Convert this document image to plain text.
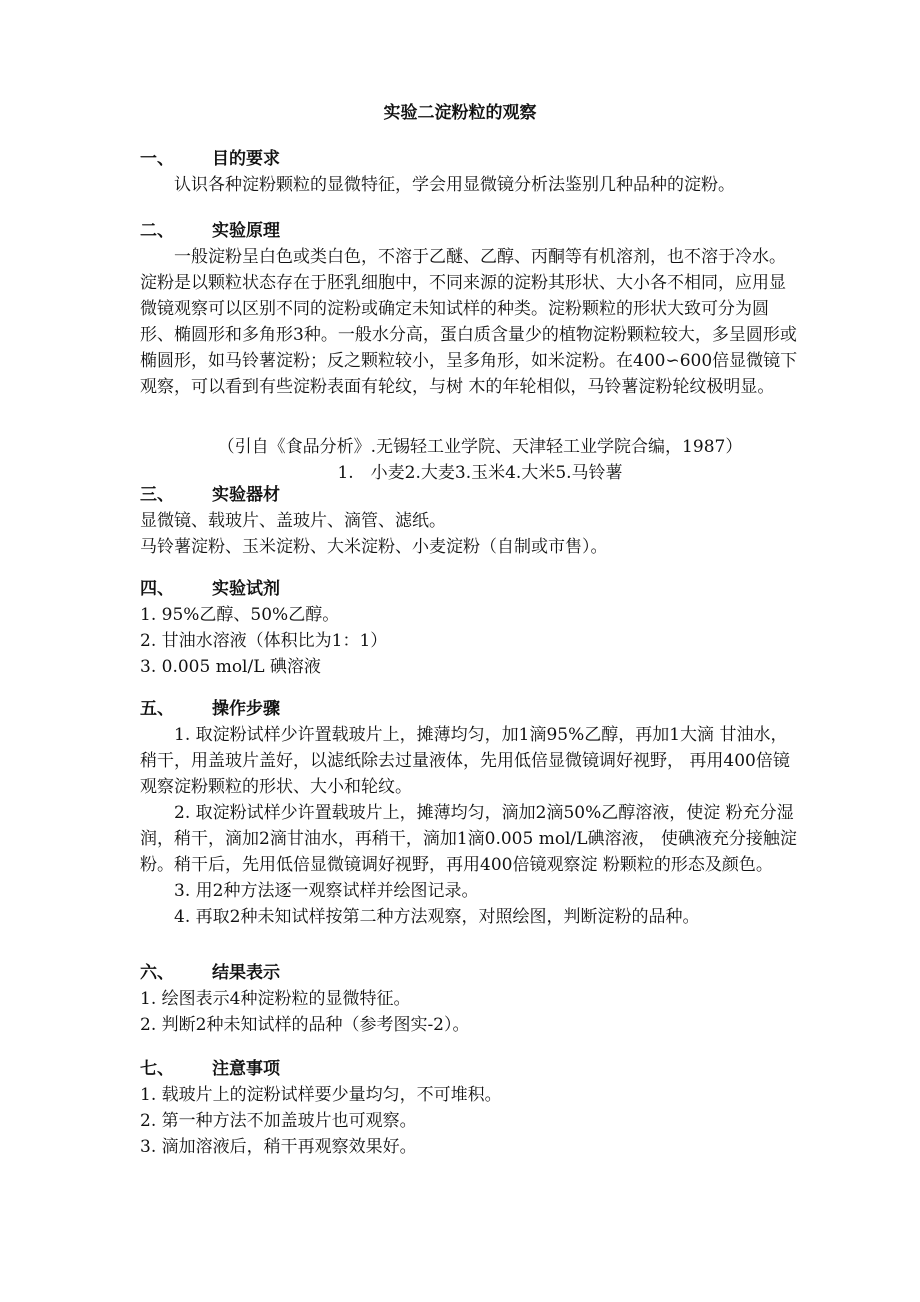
实验二淀粉粒的观察
一、 目的要求
认识各种淀粉颗粒的显微特征，学会用显微镜分析法鉴别几种品种的淀粉。
二、 实验原理
一般淀粉呈白色或类白色，不溶于乙醚、乙醇、丙酮等有机溶剂，也不溶于冷水。淀粉是以颗粒状态存在于胚乳细胞中，不同来源的淀粉其形状、大小各不相同，应用显微镜观察可以区别不同的淀粉或确定未知试样的种类。淀粉颗粒的形状大致可分为圆形、椭圆形和多角形3种。一般水分高，蛋白质含量少的植物淀粉颗粒较大，多呈圆形或椭圆形，如马铃薯淀粉；反之颗粒较小，呈多角形，如米淀粉。在400∽600倍显微镜下观察，可以看到有些淀粉表面有轮纹，与树 木的年轮相似，马铃薯淀粉轮纹极明显。
（引自《食品分析》.无锡轻工业学院、天津轻工业学院合编，1987）
1.　小麦2.大麦3.玉米4.大米5.马铃薯
三、 实验器材
显微镜、载玻片、盖玻片、滴管、滤纸。
马铃薯淀粉、玉米淀粉、大米淀粉、小麦淀粉（自制或市售）。
四、 实验试剂
1. 95%乙醇、50%乙醇。
2. 甘油水溶液（体积比为1：1）
3. 0.005 mol/L 碘溶液
五、 操作步骤
1. 取淀粉试样少许置载玻片上，摊薄均匀，加1滴95%乙醇，再加1大滴 甘油水，稍干，用盖玻片盖好，以滤纸除去过量液体，先用低倍显微镜调好视野， 再用400倍镜观察淀粉颗粒的形状、大小和轮纹。
2. 取淀粉试样少许置载玻片上，摊薄均匀，滴加2滴50%乙醇溶液，使淀 粉充分湿润，稍干，滴加2滴甘油水，再稍干，滴加1滴0.005 mol/L碘溶液， 使碘液充分接触淀粉。稍干后，先用低倍显微镜调好视野，再用400倍镜观察淀 粉颗粒的形态及颜色。
3. 用2种方法逐一观察试样并绘图记录。
4. 再取2种未知试样按第二种方法观察，对照绘图，判断淀粉的品种。
六、 结果表示
1. 绘图表示4种淀粉粒的显微特征。
2. 判断2种未知试样的品种（参考图实-2）。
七、 注意事项
1. 载玻片上的淀粉试样要少量均匀，不可堆积。
2. 第一种方法不加盖玻片也可观察。
3. 滴加溶液后，稍干再观察效果好。
